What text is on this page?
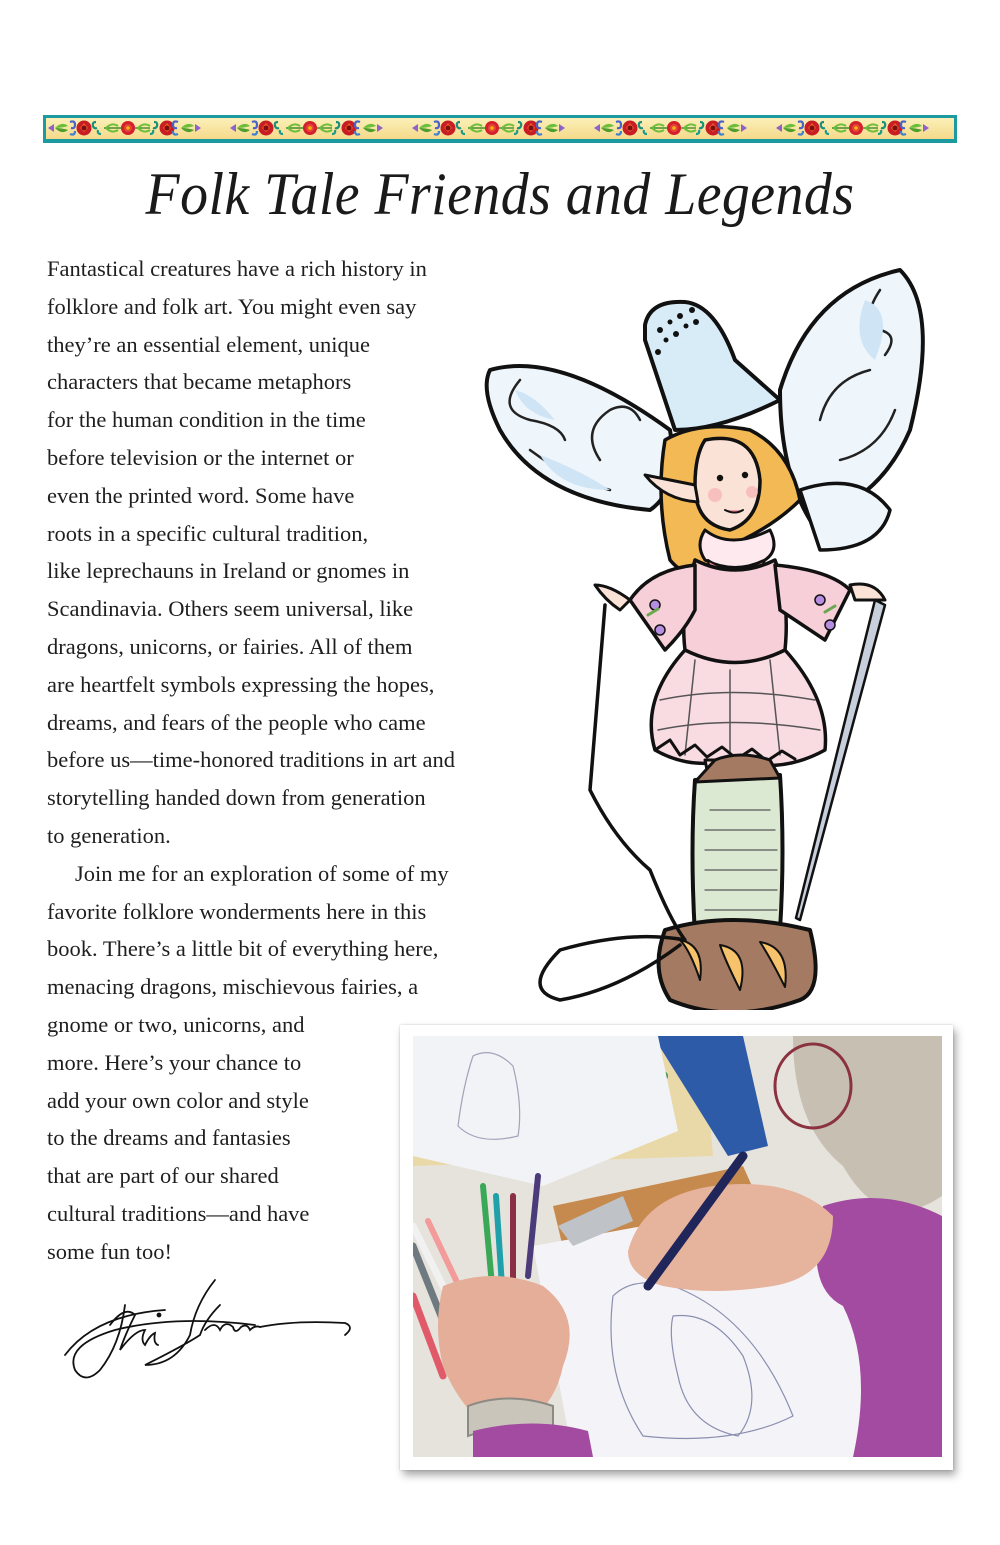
Folk Tale Friends and Legends
Fantastical creatures have a rich history in
folklore and folk art. You might even say
they’re an essential element, unique
characters that became metaphors
for the human condition in the time
before television or the internet or
even the printed word. Some have
roots in a specific cultural tradition,
like leprechauns in Ireland or gnomes in
Scandinavia. Others seem universal, like
dragons, unicorns, or fairies. All of them
are heartfelt symbols expressing the hopes,
dreams, and fears of the people who came
before us—time-honored traditions in art and
storytelling handed down from generation
to generation.
Join me for an exploration of some of my
favorite folklore wonderments here in this
book. There’s a little bit of everything here,
menacing dragons, mischievous fairies, a
gnome or two, unicorns, and
more. Here’s your chance to
add your own color and style
to the dreams and fantasies
that are part of our shared
cultural traditions—and have
some fun too!
